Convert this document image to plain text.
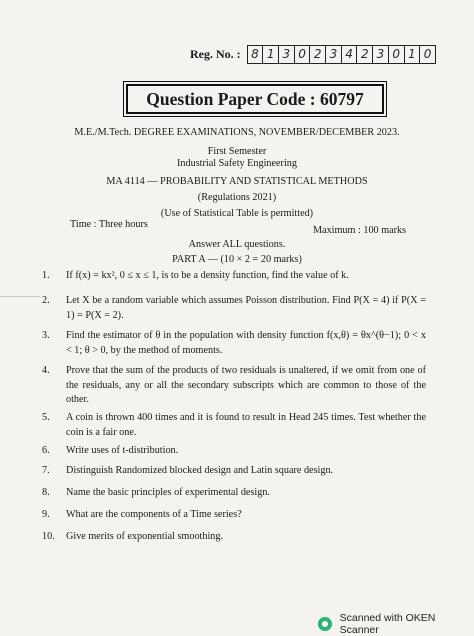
Reg. No. : 8 1 3 0 2 3 4 2 3 0 1 0
Question Paper Code : 60797
M.E./M.Tech. DEGREE EXAMINATIONS, NOVEMBER/DECEMBER 2023.
First Semester
Industrial Safety Engineering
MA 4114 — PROBABILITY AND STATISTICAL METHODS
(Regulations 2021)
(Use of Statistical Table is permitted)
Time : Three hours
Maximum : 100 marks
Answer ALL questions.
PART A — (10 × 2 = 20 marks)
1. If f(x) = kx², 0 ≤ x ≤ 1, is to be a density function, find the value of k.
2. Let X be a random variable which assumes Poisson distribution. Find P(X = 4) if P(X = 1) = P(X = 2).
3. Find the estimator of θ in the population with density function f(x,θ) = θx^(θ−1); 0 < x < 1; θ > 0, by the method of moments.
4. Prove that the sum of the products of two residuals is unaltered, if we omit from one of the residuals, any or all the secondary subscripts which are common to those of the other.
5. A coin is thrown 400 times and it is found to result in Head 245 times. Test whether the coin is a fair one.
6. Write uses of t-distribution.
7. Distinguish Randomized blocked design and Latin square design.
8. Name the basic principles of experimental design.
9. What are the components of a Time series?
10. Give merits of exponential smoothing.
Scanned with OKEN Scanner
